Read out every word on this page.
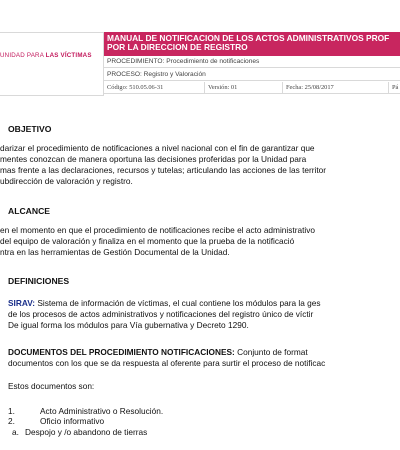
UNIDAD PARA LAS VÍCTIMAS
MANUAL DE NOTIFICACION DE LOS ACTOS ADMINISTRATIVOS PROF
POR LA DIRECCION DE REGISTRO
PROCEDIMIENTO: Procedimiento de notificaciones
PROCESO: Registro y Valoración
Código: 510.05.06-31	Versión: 01	Fecha: 25/08/2017	Pá
OBJETIVO
darizar el procedimiento de notificaciones a nivel nacional con el fin de garantizar que
mentes conozcan de manera oportuna las decisiones proferidas por la Unidad para
mas frente a las declaraciones, recursos y tutelas; articulando las acciones de las territor
ubdirección de valoración y registro.
ALCANCE
en el momento en que el procedimiento de notificaciones recibe el acto administrativo
del equipo de valoración y finaliza en el momento que la prueba de la notificació
ntra en las herramientas de Gestión Documental de la Unidad.
DEFINICIONES
SIRAV: Sistema de información de víctimas, el cual contiene los módulos para la ges
de los procesos de actos administrativos y notificaciones del registro único de víctir
De igual forma los módulos para Vía gubernativa y Decreto 1290.
DOCUMENTOS DEL PROCEDIMIENTO NOTIFICACIONES: Conjunto de format
documentos con los que se da respuesta al oferente para surtir el proceso de notificac
Estos documentos son:
1.	Acto Administrativo o Resolución.
2.	Oficio informativo
a. Despojo y /o abandono de tierras
